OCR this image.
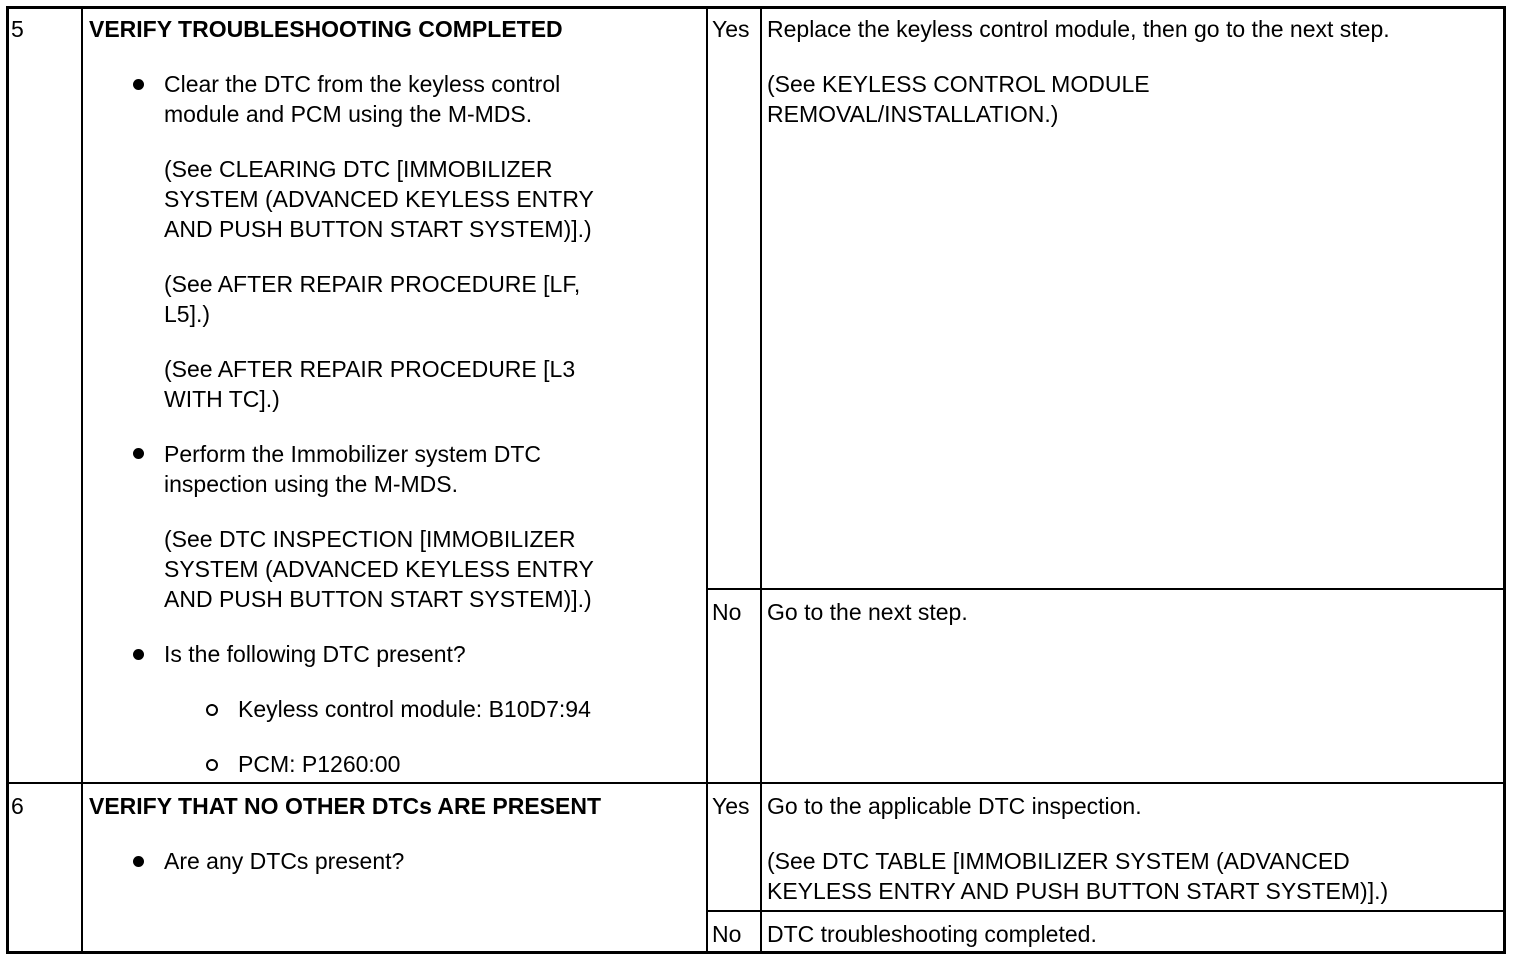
5	VERIFY TROUBLESHOOTING COMPLETED
Clear the DTC from the keyless control
module and PCM using the M-MDS.
(See CLEARING DTC [IMMOBILIZER
SYSTEM (ADVANCED KEYLESS ENTRY
AND PUSH BUTTON START SYSTEM)].)
(See AFTER REPAIR PROCEDURE [LF,
L5].)
(See AFTER REPAIR PROCEDURE [L3
WITH TC].)
Perform the Immobilizer system DTC
inspection using the M-MDS.
(See DTC INSPECTION [IMMOBILIZER
SYSTEM (ADVANCED KEYLESS ENTRY
AND PUSH BUTTON START SYSTEM)].)
Is the following DTC present?
Keyless control module: B10D7:94
PCM: P1260:00
Yes Replace the keyless control module, then go to the next step.
(See KEYLESS CONTROL MODULE
REMOVAL/INSTALLATION.)
No Go to the next step.
6	VERIFY THAT NO OTHER DTCs ARE PRESENT
Are any DTCs present?
Yes Go to the applicable DTC inspection.
(See DTC TABLE [IMMOBILIZER SYSTEM (ADVANCED
KEYLESS ENTRY AND PUSH BUTTON START SYSTEM)].)
No DTC troubleshooting completed.
